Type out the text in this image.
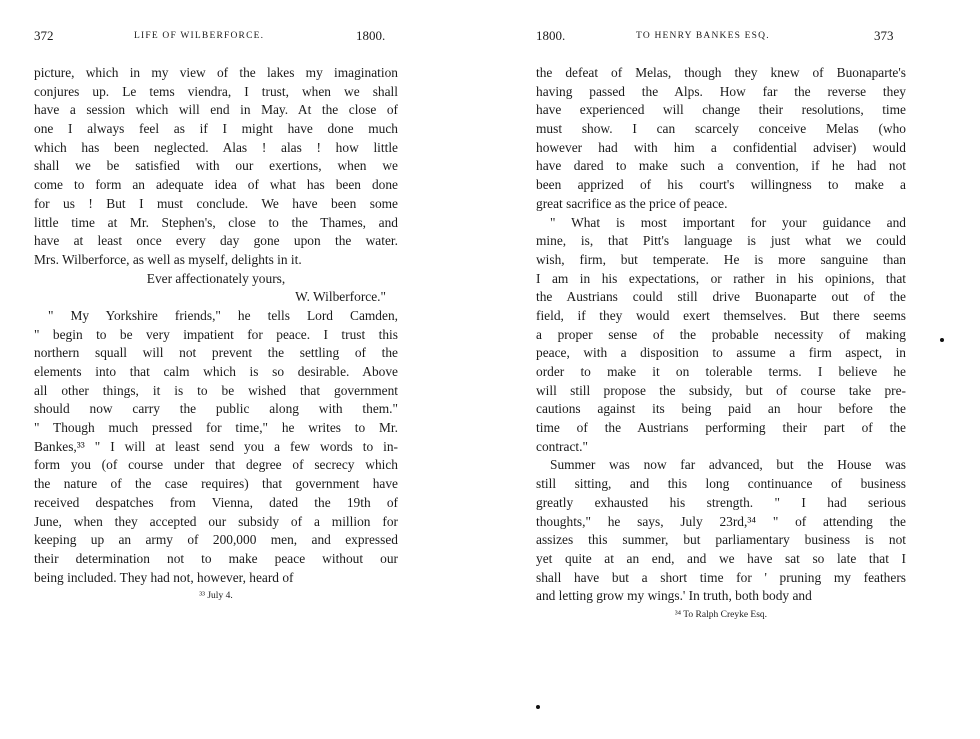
372	LIFE OF WILBERFORCE.	1800.
picture, which in my view of the lakes my imagination
conjures up. Le tems viendra, I trust, when we shall
have a session which will end in May. At the close of
one I always feel as if I might have done much
which has been neglected. Alas ! alas ! how little
shall we be satisfied with our exertions, when we
come to form an adequate idea of what has been done
for us ! But I must conclude. We have been some
little time at Mr. Stephen's, close to the Thames, and
have at least once every day gone upon the water.
Mrs. Wilberforce, as well as myself, delights in it.
Ever affectionately yours,
W. Wilberforce."
" My Yorkshire friends," he tells Lord Camden,
" begin to be very impatient for peace. I trust this
northern squall will not prevent the settling of the
elements into that calm which is so desirable. Above
all other things, it is to be wished that government
should now carry the public along with them."
" Though much pressed for time," he writes to Mr.
Bankes,³³ " I will at least send you a few words to in-
form you (of course under that degree of secrecy which
the nature of the case requires) that government have
received despatches from Vienna, dated the 19th of
June, when they accepted our subsidy of a million for
keeping up an army of 200,000 men, and expressed
their determination not to make peace without our
being included. They had not, however, heard of
³³ July 4.
1800.	TO HENRY BANKES ESQ.	373
the defeat of Melas, though they knew of Buonaparte's
having passed the Alps. How far the reverse they
have experienced will change their resolutions, time
must show. I can scarcely conceive Melas (who
however had with him a confidential adviser) would
have dared to make such a convention, if he had not
been apprized of his court's willingness to make a
great sacrifice as the price of peace.
" What is most important for your guidance and
mine, is, that Pitt's language is just what we could
wish, firm, but temperate. He is more sanguine than
I am in his expectations, or rather in his opinions, that
the Austrians could still drive Buonaparte out of the
field, if they would exert themselves. But there seems
a proper sense of the probable necessity of making
peace, with a disposition to assume a firm aspect, in
order to make it on tolerable terms. I believe he
will still propose the subsidy, but of course take pre-
cautions against its being paid an hour before the
time of the Austrians performing their part of the
contract."
Summer was now far advanced, but the House was
still sitting, and this long continuance of business
greatly exhausted his strength. " I had serious
thoughts," he says, July 23rd,³⁴ " of attending the
assizes this summer, but parliamentary business is not
yet quite at an end, and we have sat so late that I
shall have but a short time for ' pruning my feathers
and letting grow my wings.' In truth, both body and
³⁴ To Ralph Creyke Esq.
